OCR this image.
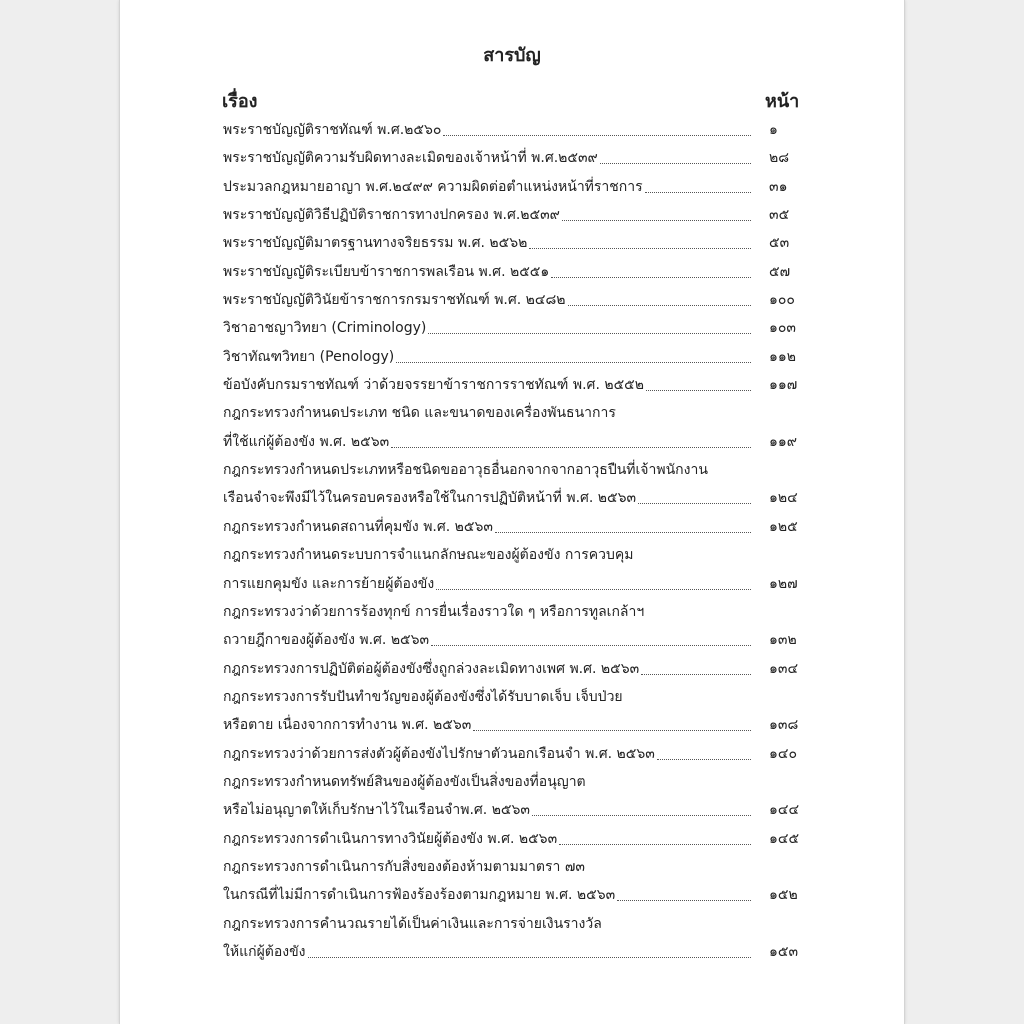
สารบัญ
เรื่อง	หน้า
พระราชบัญญัติราชทัณฑ์ พ.ศ.๒๕๖๐	๑
พระราชบัญญัติความรับผิดทางละเมิดของเจ้าหน้าที่ พ.ศ.๒๕๓๙	๒๘
ประมวลกฎหมายอาญา พ.ศ.๒๔๙๙ ความผิดต่อตำแหน่งหน้าที่ราชการ	๓๑
พระราชบัญญัติวิธีปฏิบัติราชการทางปกครอง พ.ศ.๒๕๓๙	๓๕
พระราชบัญญัติมาตรฐานทางจริยธรรม พ.ศ. ๒๕๖๒	๕๓
พระราชบัญญัติระเบียบข้าราชการพลเรือน พ.ศ. ๒๕๕๑	๕๗
พระราชบัญญัติวินัยข้าราชการกรมราชทัณฑ์ พ.ศ. ๒๔๘๒	๑๐๐
วิชาอาชญาวิทยา (Criminology)	๑๐๓
วิชาทัณฑวิทยา (Penology)	๑๑๒
ข้อบังคับกรมราชทัณฑ์ ว่าด้วยจรรยาข้าราชการราชทัณฑ์ พ.ศ. ๒๕๕๒	๑๑๗
กฎกระทรวงกำหนดประเภท ชนิด และขนาดของเครื่องพันธนาการ
ที่ใช้แก่ผู้ต้องขัง พ.ศ. ๒๕๖๓	๑๑๙
กฎกระทรวงกำหนดประเภทหรือชนิดขออาวุธอื่นอกจากจากอาวุธปืนที่เจ้าพนักงาน
เรือนจำจะพึงมีไว้ในครอบครองหรือใช้ในการปฏิบัติหน้าที่ พ.ศ. ๒๕๖๓	๑๒๔
กฎกระทรวงกำหนดสถานที่คุมขัง พ.ศ. ๒๕๖๓	๑๒๕
กฎกระทรวงกำหนดระบบการจำแนกลักษณะของผู้ต้องขัง การควบคุม
การแยกคุมขัง และการย้ายผู้ต้องขัง	๑๒๗
กฎกระทรวงว่าด้วยการร้องทุกข์ การยื่นเรื่องราวใด ๆ หรือการทูลเกล้าฯ
ถวายฎีกาของผู้ต้องขัง พ.ศ. ๒๕๖๓	๑๓๒
กฎกระทรวงการปฏิบัติต่อผู้ต้องขังซึ่งถูกล่วงละเมิดทางเพศ พ.ศ. ๒๕๖๓	๑๓๔
กฎกระทรวงการรับปันทำขวัญของผู้ต้องขังซึ่งได้รับบาดเจ็บ เจ็บป่วย
หรือตาย เนื่องจากการทำงาน พ.ศ. ๒๕๖๓	๑๓๘
กฎกระทรวงว่าด้วยการส่งตัวผู้ต้องขังไปรักษาตัวนอกเรือนจำ พ.ศ. ๒๕๖๓	๑๔๐
กฎกระทรวงกำหนดทรัพย์สินของผู้ต้องขังเป็นสิ่งของที่อนุญาต
หรือไม่อนุญาตให้เก็บรักษาไว้ในเรือนจำพ.ศ. ๒๕๖๓	๑๔๔
กฎกระทรวงการดำเนินการทางวินัยผู้ต้องขัง พ.ศ. ๒๕๖๓	๑๔๕
กฎกระทรวงการดำเนินการกับสิ่งของต้องห้ามตามมาตรา ๗๓
ในกรณีที่ไม่มีการดำเนินการฟ้องร้องร้องตามกฎหมาย พ.ศ. ๒๕๖๓	๑๕๒
กฎกระทรวงการคำนวณรายได้เป็นค่าเงินและการจ่ายเงินรางวัล
ให้แก่ผู้ต้องขัง	๑๕๓
